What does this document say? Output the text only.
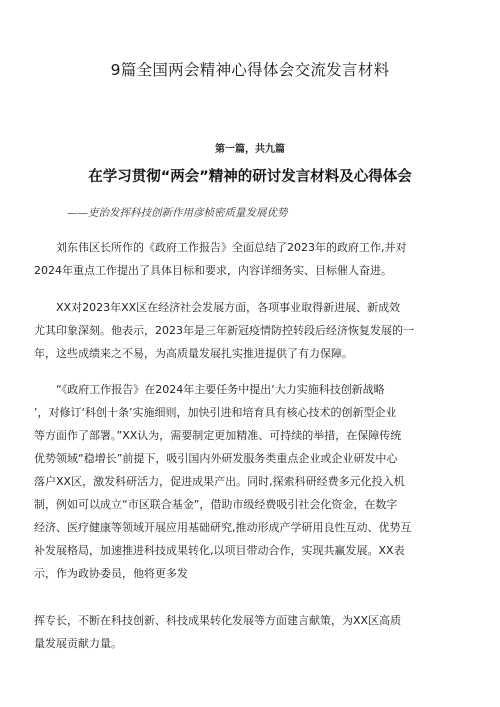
9篇全国两会精神心得体会交流发言材料
第一篇，共九篇
在学习贯彻“两会”精神的研讨发言材料及心得体会
——吏治发挥科技创新作用彦桢密质量发展优势

　　刘东伟区长所作的《政府工作报告》全面总结了2023年的政府工作,并对
2024年重点工作提出了具体目标和要求，内容详细务实、目标催人奋进。

　　XX对2023年XX区在经济社会发展方面，各项事业取得新进展、新成效
尤其印象深刻。他表示，2023年是三年新冠疫情防控转段后经济恢复发展的一
年，这些成绩来之不易，为高质量发展扎实推进提供了有力保障。

　　“《政府工作报告》在2024年主要任务中提出‘大力实施科技创新战略
’，对修订‘科创十条’实施细则，加快引进和培育具有核心技术的创新型企业
等方面作了部署。”XX认为，需要制定更加精准、可持续的举措，在保障传统
优势领域“稳增长”前提下，吸引国内外研发服务类重点企业或企业研发中心
落户XX区，激发科研活力，促进成果产出。同时,探索科研经费多元化投入机
制，例如可以成立“市区联合基金”，借助市级经费吸引社会化资金，在数字
经济、医疗健康等领域开展应用基础研究,推动形成产学研用良性互动、优势互
补发展格局，加速推进科技成果转化,以项目带动合作，实现共赢发展。XX表
示，作为政协委员，他将更多发

挥专长，不断在科技创新、科技成果转化发展等方面建言献策，为XX区高质
量发展贡献力量。
